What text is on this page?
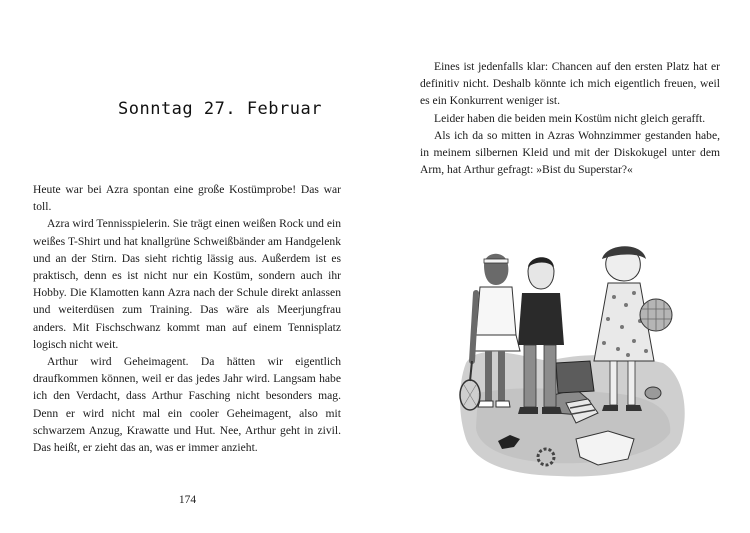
Sonntag 27. Februar

Heute war bei Azra spontan eine große Kostümprobe! Das war toll.

Azra wird Tennisspielerin. Sie trägt einen weißen Rock und ein weißes T-Shirt und hat knallgrüne Schweißbänder am Handgelenk und an der Stirn. Das sieht richtig lässig aus. Außerdem ist es praktisch, denn es ist nicht nur ein Kostüm, sondern auch ihr Hobby. Die Klamotten kann Azra nach der Schule direkt anlassen und weiterdüsen zum Training. Das wäre als Meerjungfrau anders. Mit Fischschwanz kommt man auf einem Tennisplatz logisch nicht weit.

Arthur wird Geheimagent. Da hätten wir eigentlich draufkommen können, weil er das jedes Jahr wird. Langsam habe ich den Verdacht, dass Arthur Fasching nicht besonders mag. Denn er wird nicht mal ein cooler Geheimagent, also mit schwarzem Anzug, Krawatte und Hut. Nee, Arthur geht in zivil. Das heißt, er zieht das an, was er immer anzieht.

174

Eines ist jedenfalls klar: Chancen auf den ersten Platz hat er definitiv nicht. Deshalb könnte ich mich eigentlich freuen, weil es ein Konkurrent weniger ist.

Leider haben die beiden mein Kostüm nicht gleich gerafft.

Als ich da so mitten in Azras Wohnzimmer gestanden habe, in meinem silbernen Kleid und mit der Diskokugel unter dem Arm, hat Arthur gefragt: »Bist du Superstar?«
